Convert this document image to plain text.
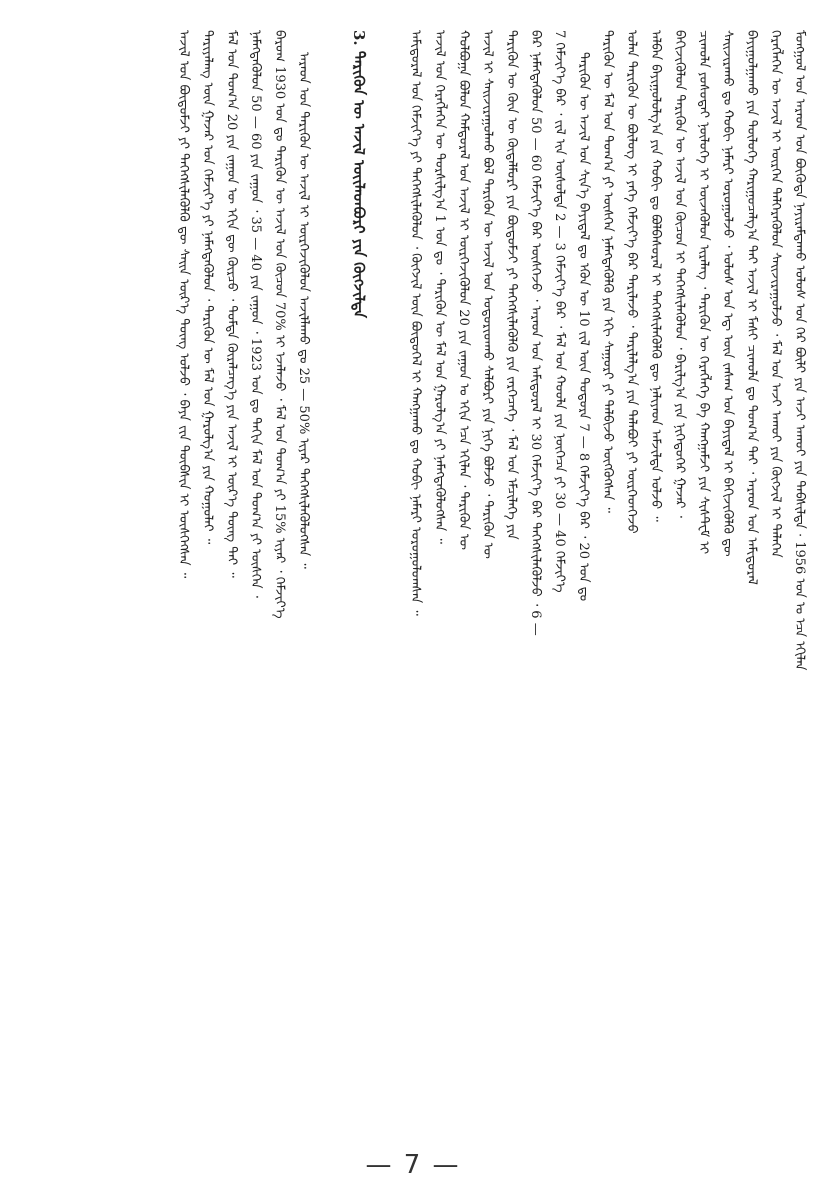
ᠮᠣᠩᠭᠣᠯ ᠤᠨ ᠠᠷᠠᠳ ᠤᠨ ᠪᠦᠭᠦᠳᠡ ᠨᠠᠶᠢᠷᠠᠮᠳᠠᠬᠤ ᠤᠯᠤᠰ ᠤᠨ ᠭᠡᠷ ᠪᠦᠯᠢ ᠶᠢᠨ ᠠᠵᠢ ᠠᠬᠤᠢ ᠶᠢᠨ ᠳᠡᠪᠰᠢᠯᠲᠡ · 1956 ᠣᠨ ᠤ ᠡᠴᠡ ᠡᠬᠢᠯᠡᠨ
ᠬᠡᠷᠡᠭᠯᠡᠭᠡᠨ ᠦ ᠠᠵᠢᠯ ᠢ ᠥᠷᠭᠡᠨ ᠳᠡᠯᠭᠡᠷᠡᠬᠦᠯᠦᠨ ᠰᠠᠢᠵᠢᠷᠠᠭᠤᠯᠵᠤ ᠂ ᠮᠠᠯ ᠤᠨ ᠠᠵᠢ ᠠᠬᠤᠢ ᠶᠢᠨ ᠬᠥᠭᠵᠢᠯ ᠢ ᠲᠡᠯᠡᠭᠡᠨ
ᠪᠠᠶᠢᠭᠤᠯᠭᠠᠬᠤ ᠶᠢᠨ ᠲᠥᠯᠥᠭᠡ ᠬᠠᠷᠢᠭᠤᠴᠠᠯᠭ᠎ᠠ ᠲᠠᠶ ᠠᠵᠢᠯ ᠢ ᠮᠠᠰᠢ ᠴᠢᠬᠤᠯᠠ ᠳᠤ ᠲᠣᠭ᠎ᠠ ᠲᠠᠢ ᠂ ᠠᠷᠠᠳ ᠤᠨ ᠠᠮᠢᠳᠤᠷᠠᠯ
ᠰᠠᠢᠵᠢᠷᠠᠬᠤ ᠳᠤ ᠬᠤᠪᠢ ᠨᠡᠮᠡᠷᠢ ᠣᠷᠣᠭᠤᠯᠵᠤ ᠂ ᠤᠯᠤᠰ ᠤᠨ ᠡᠳ᠋ ᠦᠨ ᠵᠠᠰᠠᠭ ᠤᠨ ᠪᠠᠶᠢᠳᠠᠯ ᠢ ᠪᠡᠬᠢᠵᠢᠭᠦᠯᠬᠦ ᠳᠦ
ᠴᠢᠬᠤᠯᠠ ᠶᠤᠰᠤᠳᠠᠢ ᠨᠥᠯᠥᠭᠡ ᠢ ᠦᠵᠡᠭᠦᠯᠦᠨ ᠢᠷᠡᠯᠡᠭ ᠂ ᠲᠡᠷᠢᠭᠦᠨ ᠦ ᠬᠡᠷᠡᠭᠯᠡᠭᠡ ᠪᠠ ᠬᠠᠨᠭᠭᠠᠮᠵᠢ ᠶᠢᠨ ᠰᠢᠰᠲᠧᠮ ᠢ
ᠪᠡᠬᠢᠵᠢᠭᠦᠯᠦᠨ ᠲᠡᠷᠢᠭᠦᠨ ᠦ ᠠᠵᠢᠯ ᠤᠨ ᠬᠦᠴᠦᠨ ᠢ ᠳᠡᠭᠡᠭᠰᠢᠯᠡᠭᠦᠯᠦᠨ ᠂ ᠪᠠᠷᠢᠯᠭ᠎ᠠ ᠶᠢᠨ ᠨᠢᠭᠡᠳᠦᠭᠡᠷ ᠭᠠᠵᠠᠷ ᠂
ᠠᠯᠪᠠᠨ ᠪᠠᠶᠢᠭᠤᠯᠤᠯᠭ᠎ᠠ ᠶᠢᠨ ᠬᠤᠪᠢ ᠳᠤ ᠪᠣᠯᠪᠠᠰᠤᠷᠠᠯ ᠢ ᠳᠡᠭᠡᠭᠰᠢᠯᠡᠭᠦᠯᠬᠦ ᠳᠦ ᠨᠡᠯᠢᠶᠡᠳ ᠠᠮᠵᠢᠯᠲᠠ ᠣᠯᠵᠤ ᠃
ᠣᠯᠠᠨ ᠲᠡᠷᠢᠭᠦᠨ ᠦ ᠪᠦᠯᠦᠭ ᠢ ᠶᠡᠬᠡ ᠬᠡᠮᠵᠢᠶ᠎ᠡ ᠪᠡᠷ ᠲᠠᠷᠢᠯᠠᠵᠤ ᠂ ᠲᠠᠷᠢᠯᠠᠯᠭ᠎ᠠ ᠶᠢᠨ ᠲᠠᠯᠠᠪᠤᠢ ᠶᠢ ᠥᠷᠭᠡᠳᠬᠡᠵᠦ
ᠲᠡᠷᠢᠭᠦᠨ ᠦ ᠮᠠᠯ ᠤᠨ ᠲᠤᠭ᠎ᠠ ᠶᠢ ᠥᠰᠬᠡᠨ ᠨᠡᠮᠡᠭᠳᠡᠭᠦᠯᠬᠦ ᠶᠢᠨ ᠡᠬᠢ ᠰᠠᠭᠤᠷᠢ ᠶᠢ ᠲᠠᠯᠪᠢᠵᠤ ᠥᠭᠭᠦᠭᠰᠡᠨ ᠃
ᠲᠡᠷᠢᠭᠦᠨ ᠦ ᠠᠵᠢᠯ ᠤᠨ ᠰᠢᠨ᠎ᠡ ᠪᠠᠶᠢᠳᠠᠯ ᠳᠤ ᠡᠭᠦᠨ ᠦ 10 ᠵᠢᠯ ᠦᠨ ᠳᠣᠲᠣᠷᠠ 7 — 8 ᠬᠡᠮᠵᠢᠶ᠎ᠡ ᠪᠠᠷ ᠂ 20 ᠣᠨ ᠳᠤ
7 ᠬᠡᠮᠵᠢᠶ᠎ᠡ ᠪᠠᠷ ᠂ ᠵᠢᠯ ᠢᠨ ᠥᠰᠦᠯᠲᠡ 2 — 3 ᠬᠡᠮᠵᠢᠶ᠎ᠡ ᠪᠠᠷ ᠂ ᠮᠠᠯ ᠤᠨ ᠬᠣᠣᠯᠠ ᠶᠢᠨ ᠨᠥᠭᠡᠴᠡ ᠶᠢ 30 — 40 ᠬᠡᠮᠵᠢᠶ᠎ᠡ
ᠪᠠᠷ ᠨᠡᠮᠡᠭᠳᠡᠭᠦᠯᠦᠨ 50 — 60 ᠬᠡᠮᠵᠢᠶ᠎ᠡ ᠪᠡᠷ ᠥᠰᠬᠡᠵᠦ ᠂ ᠠᠷᠠᠳ ᠤᠨ ᠠᠮᠢᠳᠤᠷᠠᠯ ᠢ 30 ᠬᠡᠮᠵᠢᠶ᠎ᠡ ᠪᠡᠷ ᠳᠡᠭᠡᠭᠰᠢᠯᠡᠭᠦᠯᠵᠦ ᠂ 6 —
ᠲᠡᠷᠢᠭᠦᠨ ᠦ ᠬᠦᠨ ᠦ ᠬᠥᠳᠡᠯᠮᠦᠷᠢ ᠶᠢᠨ ᠪᠦᠲᠦᠮᠵᠢ ᠶᠢ ᠳᠡᠭᠡᠭᠰᠢᠯᠡᠭᠦᠯᠬᠦ ᠶᠢᠨ ᠵᠡᠷᠭᠡᠴᠡᠭᠡ ᠂ ᠮᠠᠯ ᠤᠨ ᠡᠮᠴᠢᠯᠡᠭᠡ ᠶᠢᠨ
ᠠᠵᠢᠯ ᠢ ᠰᠠᠢᠵᠢᠷᠠᠭᠤᠯᠬᠤ ᠪᠣᠯ ᠲᠡᠷᠢᠭᠦᠨ ᠦ ᠠᠵᠢᠯ ᠤᠨ ᠤᠳᠤᠷᠢᠳᠬᠤ ᠰᠠᠯᠪᠤᠷᠢ ᠶᠢᠨ ᠨᠢᠭᠡ ᠪᠣᠯᠵᠤ ᠂ ᠲᠡᠷᠢᠭᠦᠨ ᠦ
ᠬᠣᠯᠪᠣᠭᠠ ᠪᠣᠯᠤᠨ ᠬᠠᠮᠲᠤᠷᠠᠯ ᠤᠨ ᠠᠵᠢᠯ ᠢ ᠥᠷᠭᠡᠵᠢᠭᠦᠯᠦᠨ 20 ᠶᠢᠨ ᠵᠠᠭᠤᠨ ᠤ ᠡᠬᠢᠨ ᠡᠴᠡ ᠡᠬᠢᠯᠡᠨ ᠂ ᠲᠡᠷᠢᠭᠦᠨ ᠦ
ᠠᠵᠢᠯ ᠤᠨ ᠬᠡᠷᠡᠭᠯᠡᠭᠡᠨ ᠦ ᠲᠤᠷᠰᠢᠯᠭ᠎ᠠ 1 ᠣᠨ ᠳᠤ ᠂ ᠲᠡᠷᠢᠭᠦᠨ ᠦ ᠮᠠᠯ ᠤᠨ ᠭᠠᠷᠤᠯᠭ᠎ᠠ ᠶᠢ ᠨᠡᠮᠡᠭᠳᠡᠭᠦᠯᠦᠭᠰᠡᠨ ᠃
ᠠᠮᠢᠳᠤᠷᠠᠯ ᠤᠨ ᠬᠡᠮᠵᠢᠶ᠎ᠡ ᠶᠢ ᠳᠡᠭᠡᠭᠰᠢᠯᠡᠭᠦᠯᠦᠨ ᠂ ᠬᠥᠭᠵᠢᠯ ᠦᠨ ᠪᠦᠲᠦᠭᠡᠯ ᠢ ᠬᠠᠩᠭᠠᠬᠤ ᠳᠤ ᠬᠤᠪᠢ ᠨᠡᠮᠡᠷᠢ ᠣᠷᠣᠭᠤᠯᠤᠭᠰᠠᠨ ᠃
3. ᠲᠡᠷᠢᠭᠦᠨ ᠦ ᠠᠵᠢᠯ ᠦᠢᠯᠡᠳᠪᠦᠷᠢ ᠶᠢᠨ ᠬᠦᠭᠵᠢᠯᠲᠡ
ᠠᠷᠠᠳ ᠤᠨ ᠲᠡᠷᠢᠭᠦᠨ ᠦ ᠠᠵᠢᠯ ᠢ ᠥᠷᠭᠡᠵᠢᠭᠦᠯᠦᠨ ᠠᠵᠢᠯᠯᠠᠬᠤ ᠳᠤ 25 — 50% ᠢᠶᠠᠷ ᠳᠡᠭᠡᠭᠰᠢᠯᠡᠭᠦᠯᠦᠭᠰᠡᠨ ᠃
ᠪᠠᠷᠤᠭ 1930 ᠣᠨ ᠳᠤ ᠲᠡᠷᠢᠭᠦᠨ ᠦ ᠠᠵᠢᠯ ᠤᠨ ᠬᠦᠴᠦᠨ 70% ᠢ ᠡᠵᠡᠯᠡᠵᠦ ᠂ ᠮᠠᠯ ᠤᠨ ᠲᠤᠭ᠎ᠠ ᠶᠢ 15% ᠢᠶᠠᠷ ᠂ ᠬᠡᠮᠵᠢᠶ᠎ᠡ
ᠨᠡᠮᠡᠭᠳᠡᠭᠦᠯᠦᠨ 50 — 60 ᠶᠢᠨ ᠵᠠᠭᠤᠨ ᠂ 35 — 40 ᠶᠢᠨ ᠵᠠᠭᠤᠨ ᠂ 1923 ᠣᠨ ᠳᠤ ᠳᠠᠬᠢᠨ ᠮᠠᠯ ᠤᠨ ᠲᠤᠭ᠎ᠠ ᠶᠢ ᠥᠰᠬᠡᠨ ᠂
ᠮᠠᠯ ᠤᠨ ᠲᠤᠭ᠎ᠠ 20 ᠶᠢᠨ ᠵᠠᠭᠤᠨ ᠦ ᠡᠬᠢᠨ ᠳᠦ ᠬᠦᠷᠴᠦ ᠂ ᠳᠤᠮᠳᠠ ᠬᠦᠷᠡᠯᠴᠡᠭ᠎ᠡ ᠶᠢᠨ ᠠᠵᠢᠯ ᠢ ᠦᠷ᠎ᠡ ᠳᠦᠩ ᠲᠡᠢ ᠃
ᠲᠠᠷᠢᠶᠠᠯᠠᠩ ᠦᠨ ᠭᠠᠵᠠᠷ ᠤᠨ ᠬᠡᠮᠵᠢᠶ᠎ᠡ ᠶᠢ ᠨᠡᠮᠡᠭᠳᠡᠭᠦᠯᠦᠨ ᠂ ᠲᠡᠷᠢᠭᠦᠨ ᠦ ᠮᠠᠯ ᠤᠨ ᠭᠠᠷᠤᠯᠭ᠎ᠠ ᠶᠢᠨ ᠬᠣᠭᠣᠯᠠᠢ ᠃
ᠠᠵᠢᠯ ᠤᠨ ᠪᠦᠲᠦᠮᠵᠢ ᠶᠢ ᠳᠡᠭᠡᠭᠰᠢᠯᠡᠭᠦᠯᠬᠦ ᠳᠦ ᠰᠠᠢᠨ ᠦᠷ᠎ᠡ ᠳᠦᠩ ᠣᠯᠵᠤ ᠂ ᠪᠡᠶᠡ ᠵᠢᠨ ᠲᠦᠪᠰᠢᠨ ᠢ ᠥᠰᠬᠡᠭᠰᠡᠨ ᠃
— 7 —
